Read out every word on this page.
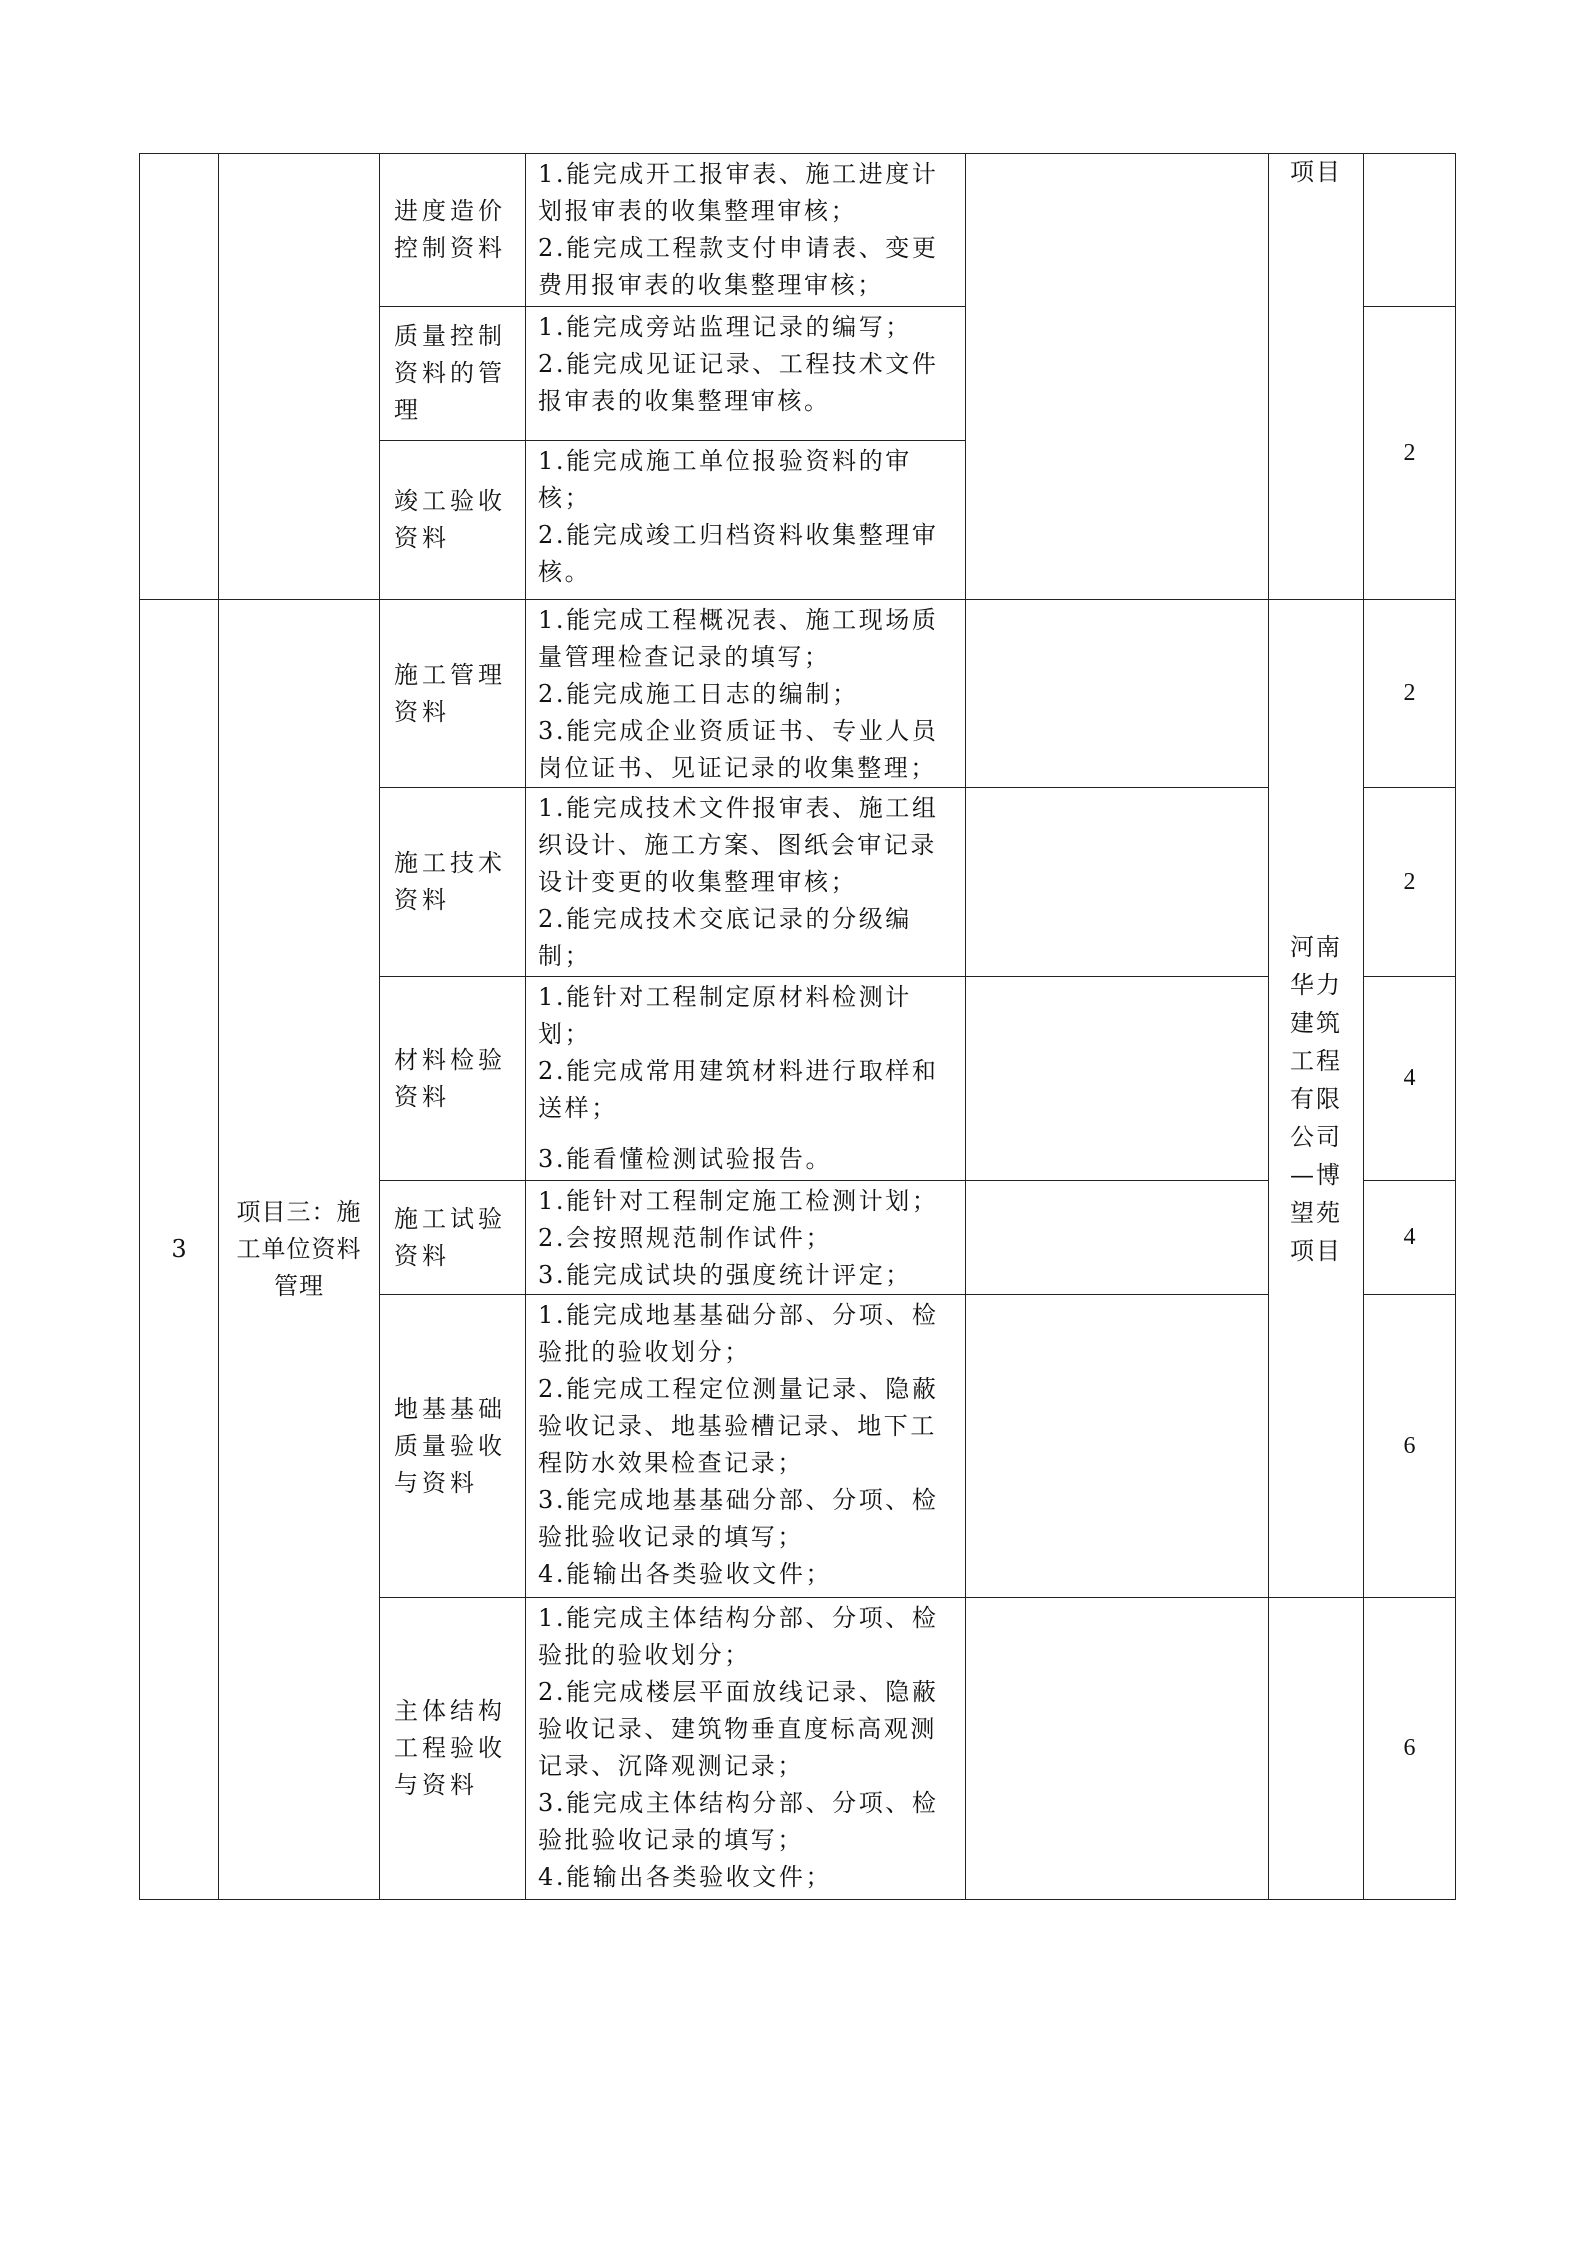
		进度造价控制资料	1.能完成开工报审表、施工进度计划报审表的收集整理审核；
2.能完成工程款支付申请表、变更费用报审表的收集整理审核；		项目	
		质量控制资料的管理	1.能完成旁站监理记录的编写；
2.能完成见证记录、工程技术文件报审表的收集整理审核。			2
		竣工验收资料	1.能完成施工单位报验资料的审核；
2.能完成竣工归档资料收集整理审核。			

3	项目三：施工单位资料管理	施工管理资料	1.能完成工程概况表、施工现场质量管理检查记录的填写；
2.能完成施工日志的编制；
3.能完成企业资质证书、专业人员岗位证书、见证记录的收集整理；		河南华力建筑工程有限公司—博望苑项目	2
		施工技术资料	1.能完成技术文件报审表、施工组织设计、施工方案、图纸会审记录设计变更的收集整理审核；
2.能完成技术交底记录的分级编制；			2
		材料检验资料	1.能针对工程制定原材料检测计划；
2.能完成常用建筑材料进行取样和送样；
3.能看懂检测试验报告。			4
		施工试验资料	1.能针对工程制定施工检测计划；
2.会按照规范制作试件；
3.能完成试块的强度统计评定；			4
		地基基础质量验收与资料	1.能完成地基基础分部、分项、检验批的验收划分；
2.能完成工程定位测量记录、隐蔽验收记录、地基验槽记录、地下工程防水效果检查记录；
3.能完成地基基础分部、分项、检验批验收记录的填写；
4.能输出各类验收文件；			6
		主体结构工程验收与资料	1.能完成主体结构分部、分项、检验批的验收划分；
2.能完成楼层平面放线记录、隐蔽验收记录、建筑物垂直度标高观测记录、沉降观测记录；
3.能完成主体结构分部、分项、检验批验收记录的填写；
4.能输出各类验收文件；			6
